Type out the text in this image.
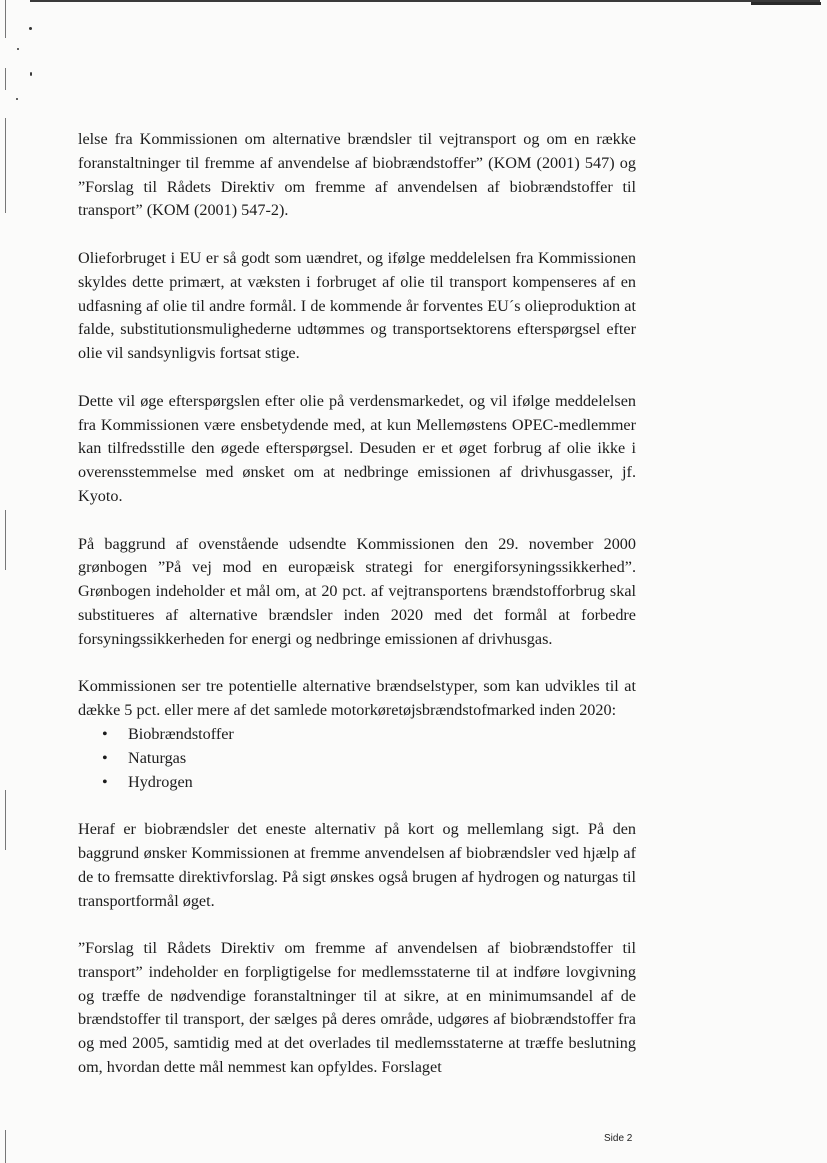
lelse fra Kommissionen om alternative brændsler til vejtransport og om en række foranstaltninger til fremme af anvendelse af biobrændstoffer” (KOM (2001) 547) og ”Forslag til Rådets Direktiv om fremme af anvendelsen af biobrændstoffer til transport” (KOM (2001) 547-2).

Olieforbruget i EU er så godt som uændret, og ifølge meddelelsen fra Kommissionen skyldes dette primært, at væksten i forbruget af olie til transport kompenseres af en udfasning af olie til andre formål. I de kommende år forventes EU´s olieproduktion at falde, substitutionsmulighederne udtømmes og transportsektorens efterspørgsel efter olie vil sandsynligvis fortsat stige.

Dette vil øge efterspørgslen efter olie på verdensmarkedet, og vil ifølge meddelelsen fra Kommissionen være ensbetydende med, at kun Mellemøstens OPEC-medlemmer kan tilfredsstille den øgede efterspørgsel. Desuden er et øget forbrug af olie ikke i overensstemmelse med ønsket om at nedbringe emissionen af drivhusgasser, jf. Kyoto.

På baggrund af ovenstående udsendte Kommissionen den 29. november 2000 grønbogen ”På vej mod en europæisk strategi for energiforsyningssikkerhed”. Grønbogen indeholder et mål om, at 20 pct. af vejtransportens brændstofforbrug skal substitueres af alternative brændsler inden 2020 med det formål at forbedre forsyningssikkerheden for energi og nedbringe emissionen af drivhusgas.

Kommissionen ser tre potentielle alternative brændselstyper, som kan udvikles til at dække 5 pct. eller mere af det samlede motorkøretøjsbrændstofmarked inden 2020:

• Biobrændstoffer
• Naturgas
• Hydrogen

Heraf er biobrændsler det eneste alternativ på kort og mellemlang sigt. På den baggrund ønsker Kommissionen at fremme anvendelsen af biobrændsler ved hjælp af de to fremsatte direktivforslag. På sigt ønskes også brugen af hydrogen og naturgas til transportformål øget.

”Forslag til Rådets Direktiv om fremme af anvendelsen af biobrændstoffer til transport” indeholder en forpligtigelse for medlemsstaterne til at indføre lovgivning og træffe de nødvendige foranstaltninger til at sikre, at en minimumsandel af de brændstoffer til transport, der sælges på deres område, udgøres af biobrændstoffer fra og med 2005, samtidig med at det overlades til medlemsstaterne at træffe beslutning om, hvordan dette mål nemmest kan opfyldes. Forslaget

Side 2
